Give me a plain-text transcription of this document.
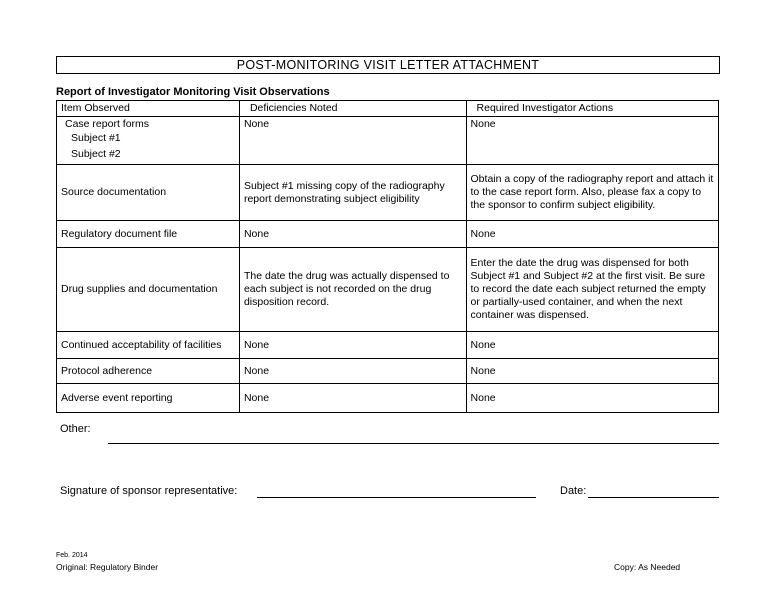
POST-MONITORING VISIT LETTER ATTACHMENT
Report of Investigator Monitoring Visit Observations
Item Observed	Deficiencies Noted	Required Investigator Actions

Case report forms
Subject #1
Subject #2	None	None
Source documentation	Subject #1 missing copy of the radiography report demonstrating subject eligibility	Obtain a copy of the radiography report and attach it to the case report form. Also, please fax a copy to the sponsor to confirm subject eligibility.
Regulatory document file	None	None
Drug supplies and documentation	The date the drug was actually dispensed to each subject is not recorded on the drug disposition record.	Enter the date the drug was dispensed for both Subject #1 and Subject #2 at the first visit. Be sure to record the date each subject returned the empty or partially-used container, and when the next container was dispensed.
Continued acceptability of facilities	None	None
Protocol adherence	None	None
Adverse event reporting	None	None
Other:
Signature of sponsor representative:	Date:
Feb. 2014
Original: Regulatory Binder	Copy: As Needed
